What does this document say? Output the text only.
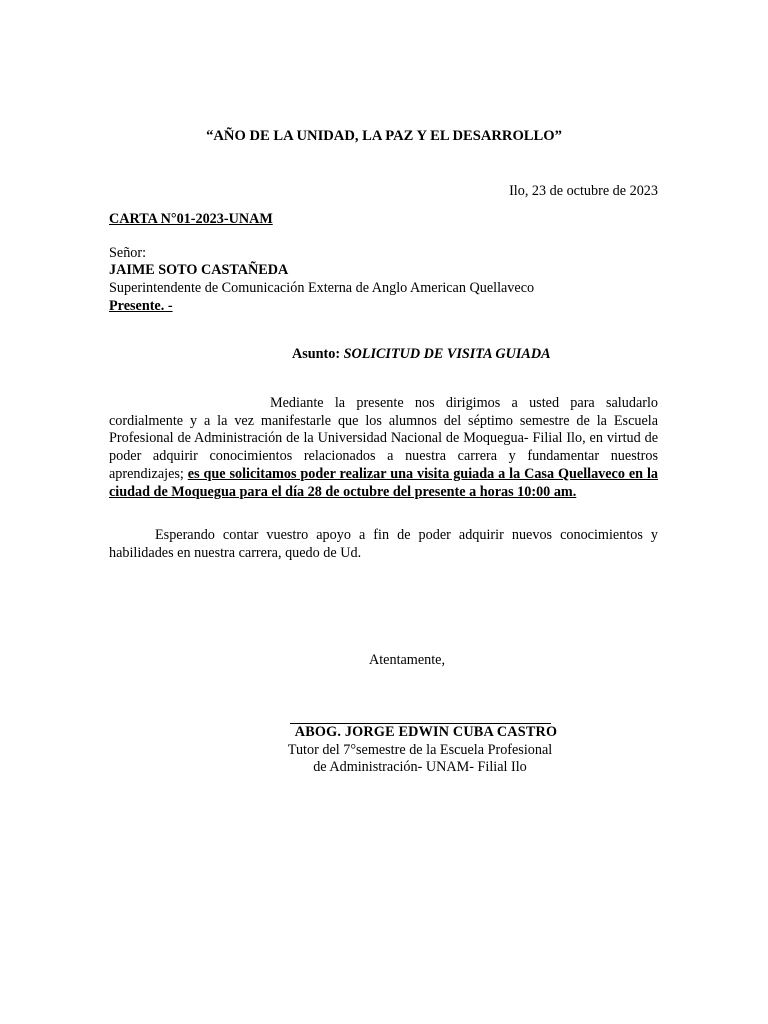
“AÑO DE LA UNIDAD, LA PAZ Y EL DESARROLLO”
Ilo, 23 de octubre de 2023
CARTA N°01-2023-UNAM
Señor:
JAIME SOTO CASTAÑEDA
Superintendente de Comunicación Externa de Anglo American Quellaveco
Presente. -
Asunto: SOLICITUD DE VISITA GUIADA
Mediante la presente nos dirigimos a usted para saludarlo cordialmente y a la vez manifestarle que los alumnos del séptimo semestre de la Escuela Profesional de Administración de la Universidad Nacional de Moquegua- Filial Ilo, en virtud de poder adquirir conocimientos relacionados a nuestra carrera y fundamentar nuestros aprendizajes; es que solicitamos poder realizar una visita guiada a la Casa Quellaveco en la ciudad de Moquegua para el día 28 de octubre del presente a horas 10:00 am.
Esperando contar vuestro apoyo a fin de poder adquirir nuevos conocimientos y habilidades en nuestra carrera, quedo de Ud.
Atentamente,
ABOG. JORGE EDWIN CUBA CASTRO
Tutor del 7°semestre de la Escuela Profesional
de Administración- UNAM- Filial Ilo
